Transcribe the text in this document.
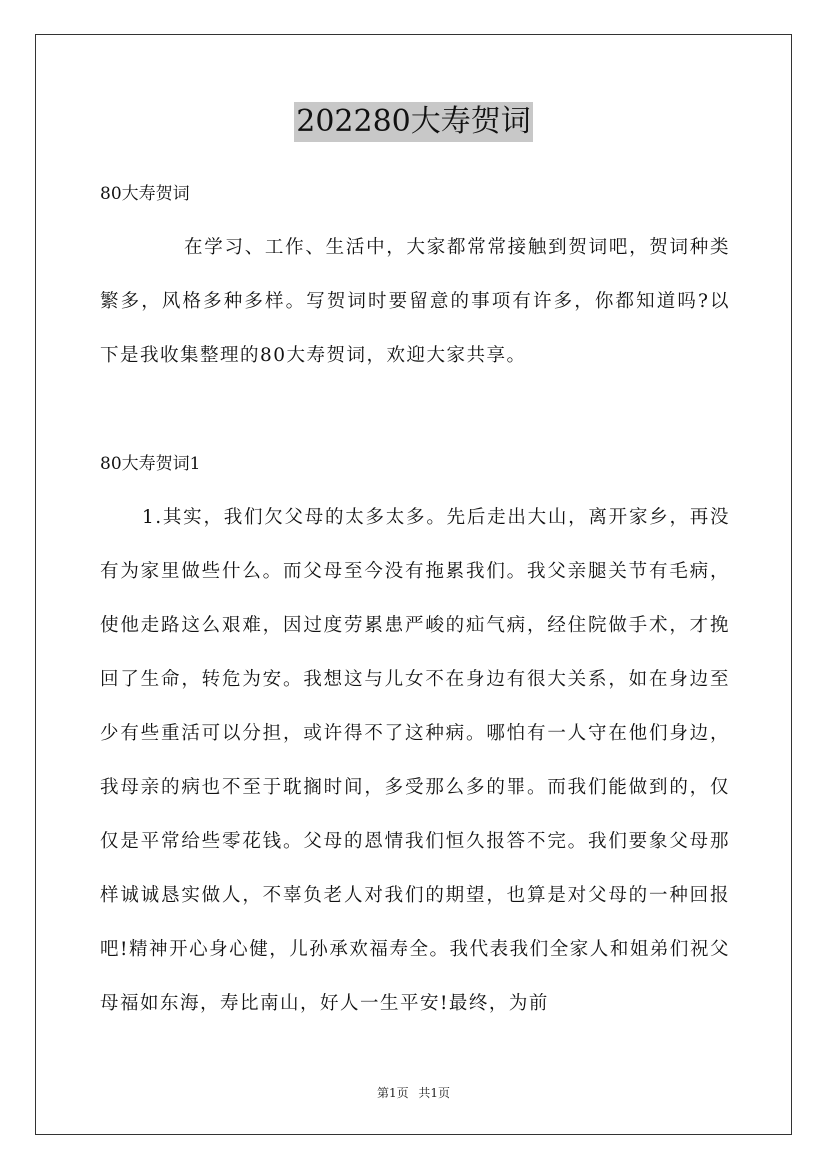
202280大寿贺词
80大寿贺词

在学习、工作、生活中，大家都常常接触到贺词吧，贺词种类繁多，风格多种多样。写贺词时要留意的事项有许多，你都知道吗?以下是我收集整理的80大寿贺词，欢迎大家共享。

80大寿贺词1

1.其实，我们欠父母的太多太多。先后走出大山，离开家乡，再没有为家里做些什么。而父母至今没有拖累我们。我父亲腿关节有毛病，使他走路这么艰难，因过度劳累患严峻的疝气病，经住院做手术，才挽回了生命，转危为安。我想这与儿女不在身边有很大关系，如在身边至少有些重活可以分担，或许得不了这种病。哪怕有一人守在他们身边，我母亲的病也不至于耽搁时间，多受那么多的罪。而我们能做到的，仅仅是平常给些零花钱。父母的恩情我们恒久报答不完。我们要象父母那样诚诚恳实做人，不辜负老人对我们的期望，也算是对父母的一种回报吧!精神开心身心健，儿孙承欢福寿全。我代表我们全家人和姐弟们祝父母福如东海，寿比南山，好人一生平安!最终，为前

第1页 共1页
